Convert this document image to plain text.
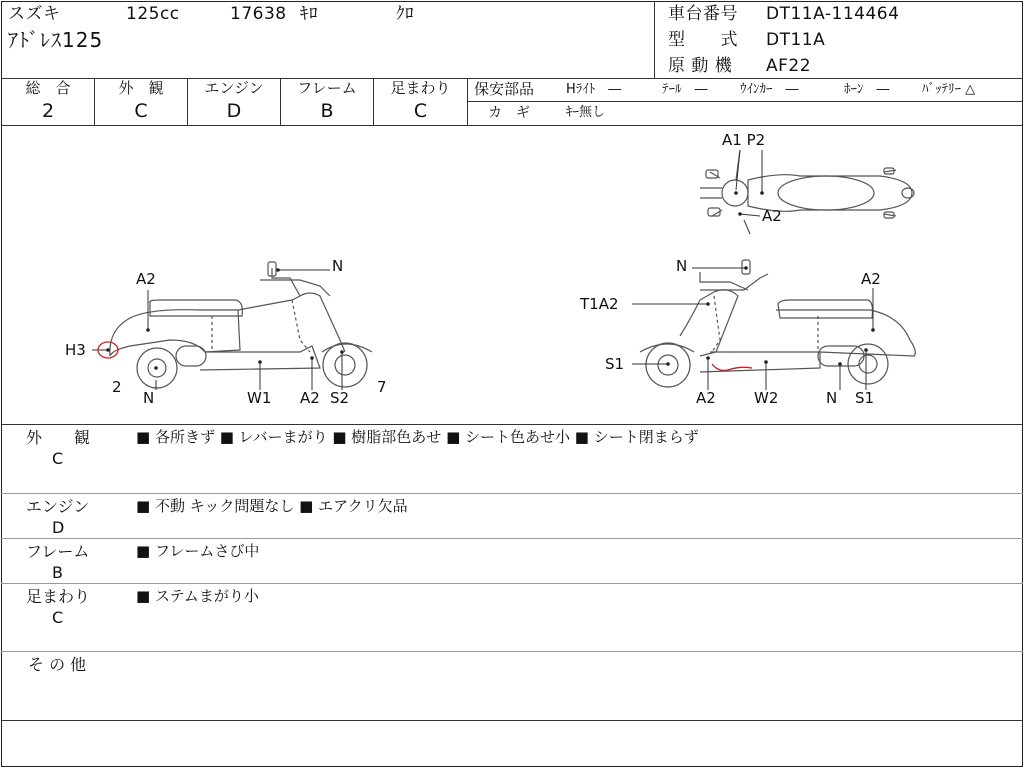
スズキ	125cc	17638 ｷﾛ	ｸﾛ
ｱﾄﾞﾚｽ125
車台番号 DT11A-114464
型　　式 DT11A
原 動 機 AF22
総　合
2
外　観
C
エンジン
D
フレーム
B
足まわり
C
保安部品 Hﾗｲﾄ　―	ﾃｰﾙ　― ｳｲﾝｶｰ　―	ﾎｰﾝ　― ﾊﾞｯﾃﾘｰ △
カ　ギ	ｷｰ無し
A1 P2
A2
N
A2
H3
2
N	W1 A2 S2
7
N
A2
T1A2
S1
A2	W2	N S1
外　　観
C
■ 各所きず ■ レバーまがり ■ 樹脂部色あせ ■ シート色あせ小 ■ シート閉まらず
エンジン
D
■ 不動 キック問題なし ■ エアクリ欠品
フレーム
B
■ フレームさび中
足まわり
C
■ ステムまがり小
そ の 他
